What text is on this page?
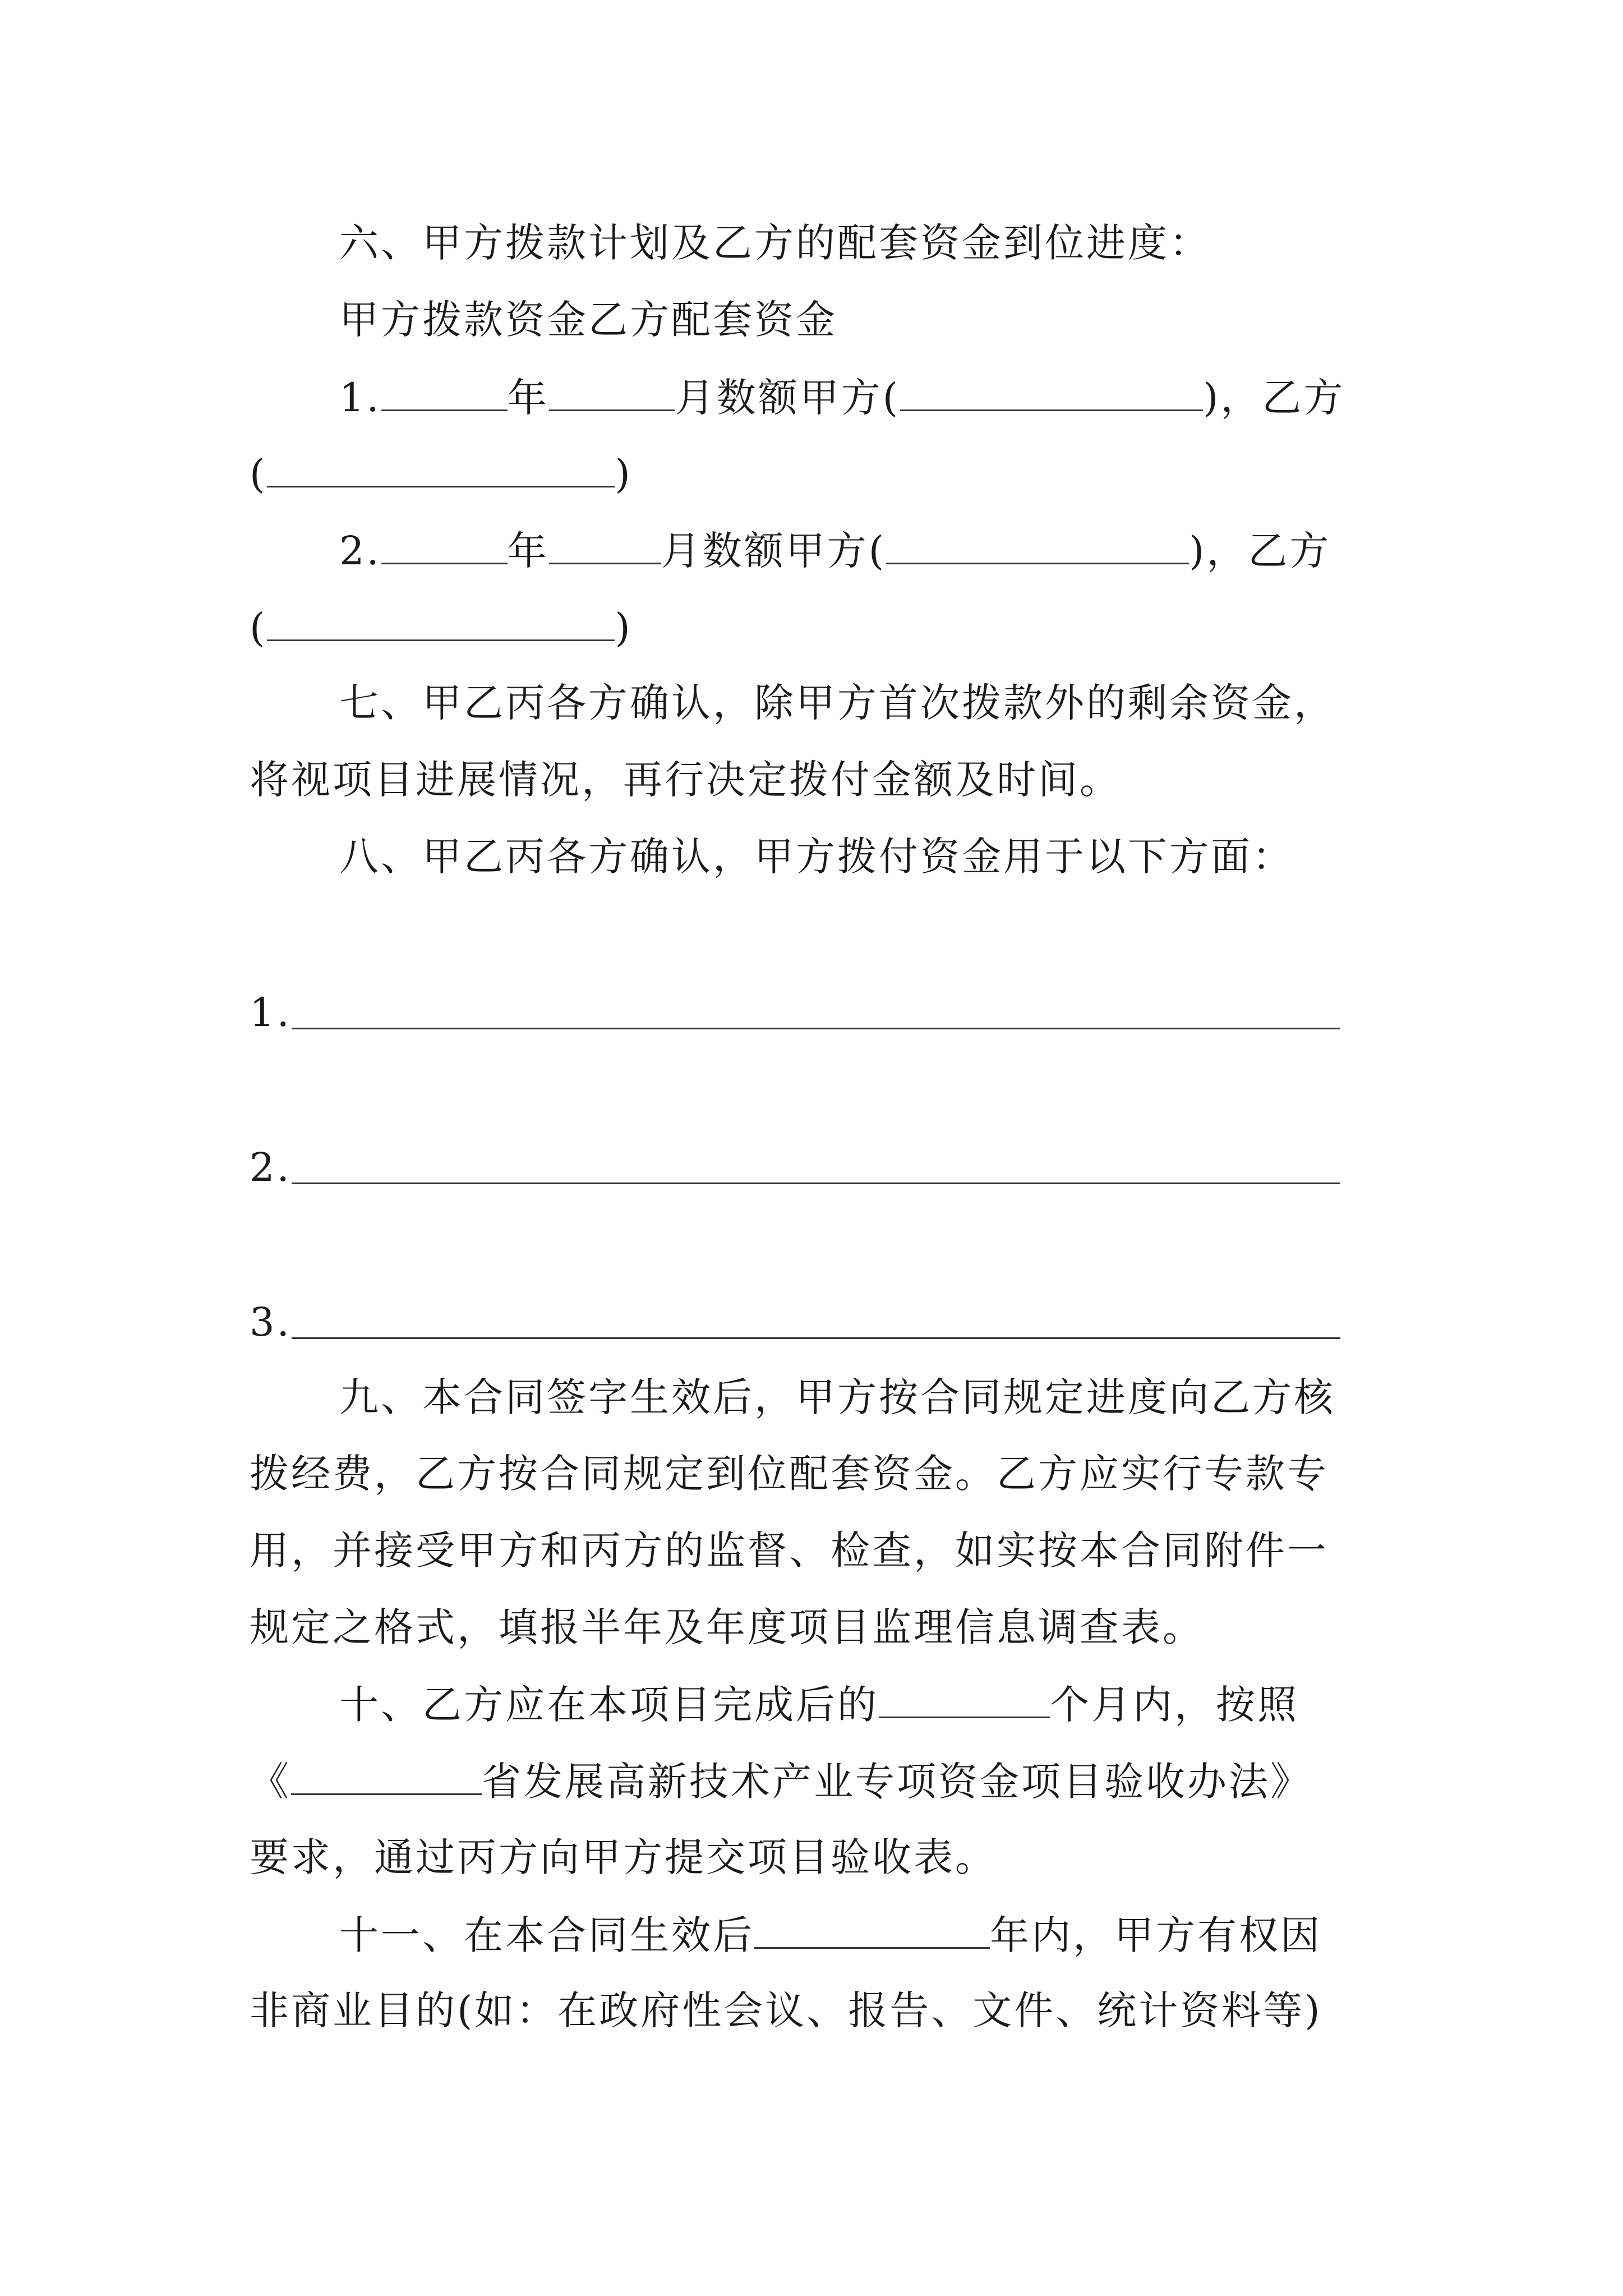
六、甲方拨款计划及乙方的配套资金到位进度：
甲方拨款资金乙方配套资金
1.	年	月数额甲方(	)，乙方
(	)
2.	年	月数额甲方(	)，乙方
(	)
七、甲乙丙各方确认，除甲方首次拨款外的剩余资金，
将视项目进展情况，再行决定拨付金额及时间。
八、甲乙丙各方确认，甲方拨付资金用于以下方面：
1.
2.
3.
九、本合同签字生效后，甲方按合同规定进度向乙方核
拨经费，乙方按合同规定到位配套资金。乙方应实行专款专
用，并接受甲方和丙方的监督、检查，如实按本合同附件一
规定之格式，填报半年及年度项目监理信息调查表。
十、乙方应在本项目完成后的	个月内，按照
《	省发展高新技术产业专项资金项目验收办法》
要求，通过丙方向甲方提交项目验收表。
十一、在本合同生效后	年内，甲方有权因
非商业目的(如：在政府性会议、报告、文件、统计资料等)
